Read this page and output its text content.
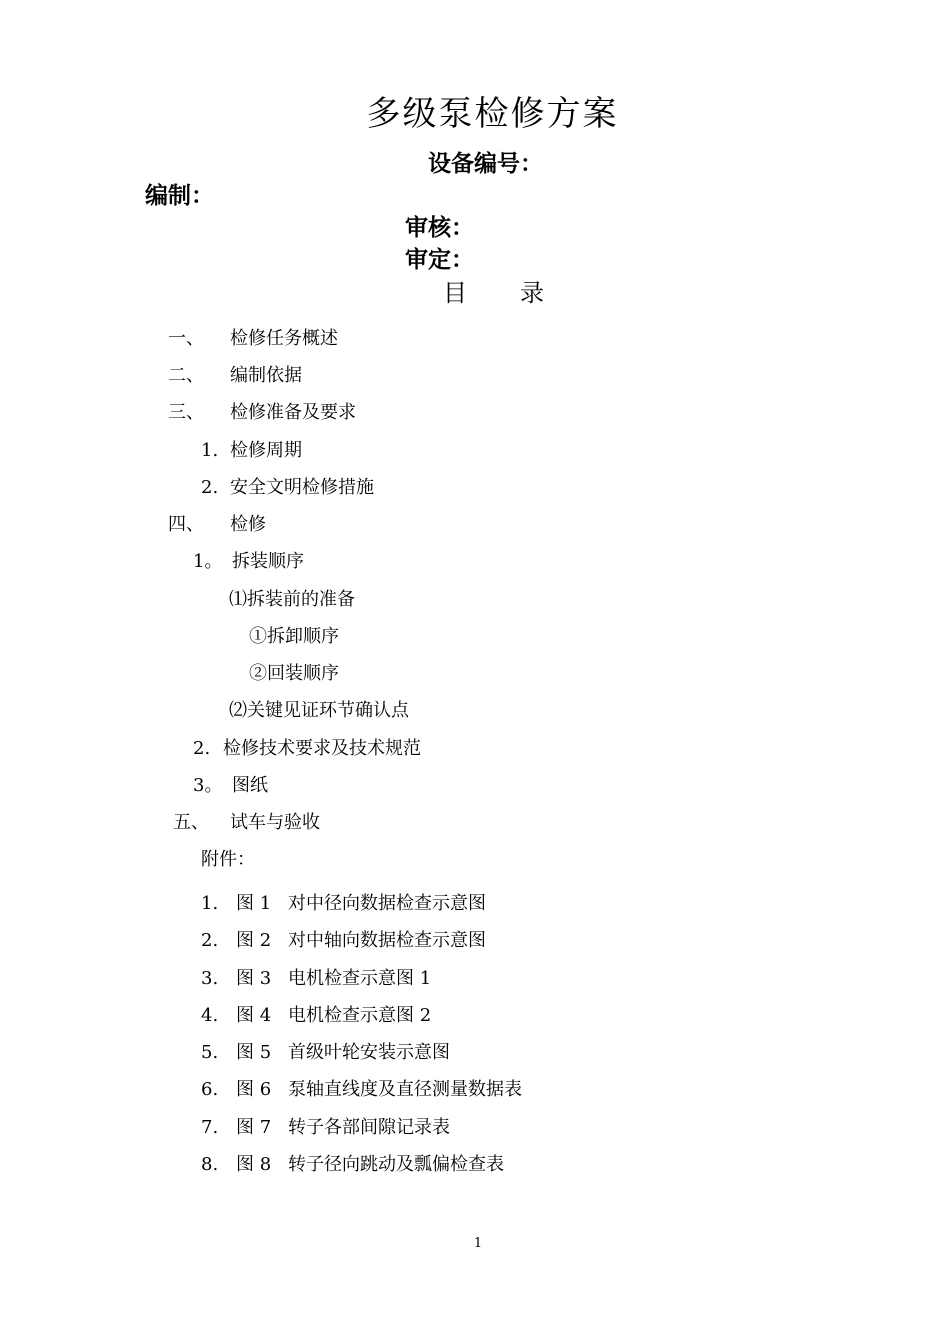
多级泵检修方案
设备编号：
编制：
审核：
审定：
目 录
一、 检修任务概述
二、 编制依据
三、 检修准备及要求
1. 检修周期
2. 安全文明检修措施
四、 检修
1。 拆装顺序
⑴拆装前的准备
①拆卸顺序
②回装顺序
⑵关键见证环节确认点
2. 检修技术要求及技术规范
3。 图纸
五、 试车与验收
附件：
1. 图 1 对中径向数据检查示意图
2. 图 2 对中轴向数据检查示意图
3. 图 3 电机检查示意图 1
4. 图 4 电机检查示意图 2
5. 图 5 首级叶轮安装示意图
6. 图 6 泵轴直线度及直径测量数据表
7. 图 7 转子各部间隙记录表
8. 图 8 转子径向跳动及瓢偏检查表
1
